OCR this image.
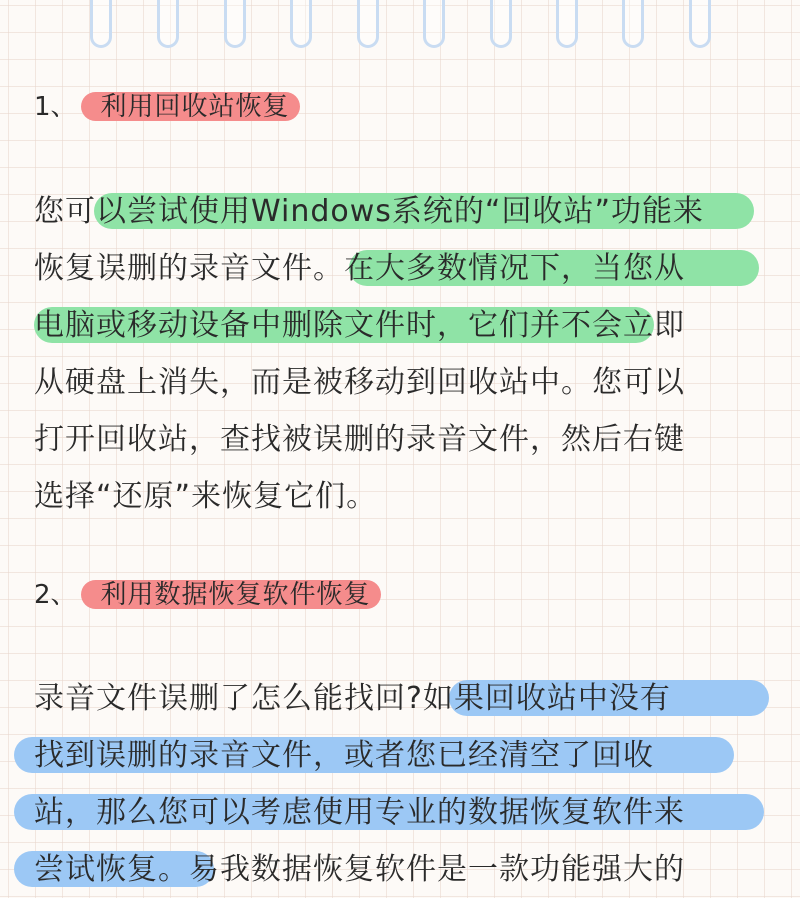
1、 利用回收站恢复
您可以尝试使用Windows系统的“回收站”功能来
恢复误删的录音文件。在大多数情况下，当您从
电脑或移动设备中删除文件时，它们并不会立即
从硬盘上消失，而是被移动到回收站中。您可以
打开回收站，查找被误删的录音文件，然后右键
选择“还原”来恢复它们。
2、 利用数据恢复软件恢复
录音文件误删了怎么能找回?如果回收站中没有
找到误删的录音文件，或者您已经清空了回收
站，那么您可以考虑使用专业的数据恢复软件来
尝试恢复。易我数据恢复软件是一款功能强大的
